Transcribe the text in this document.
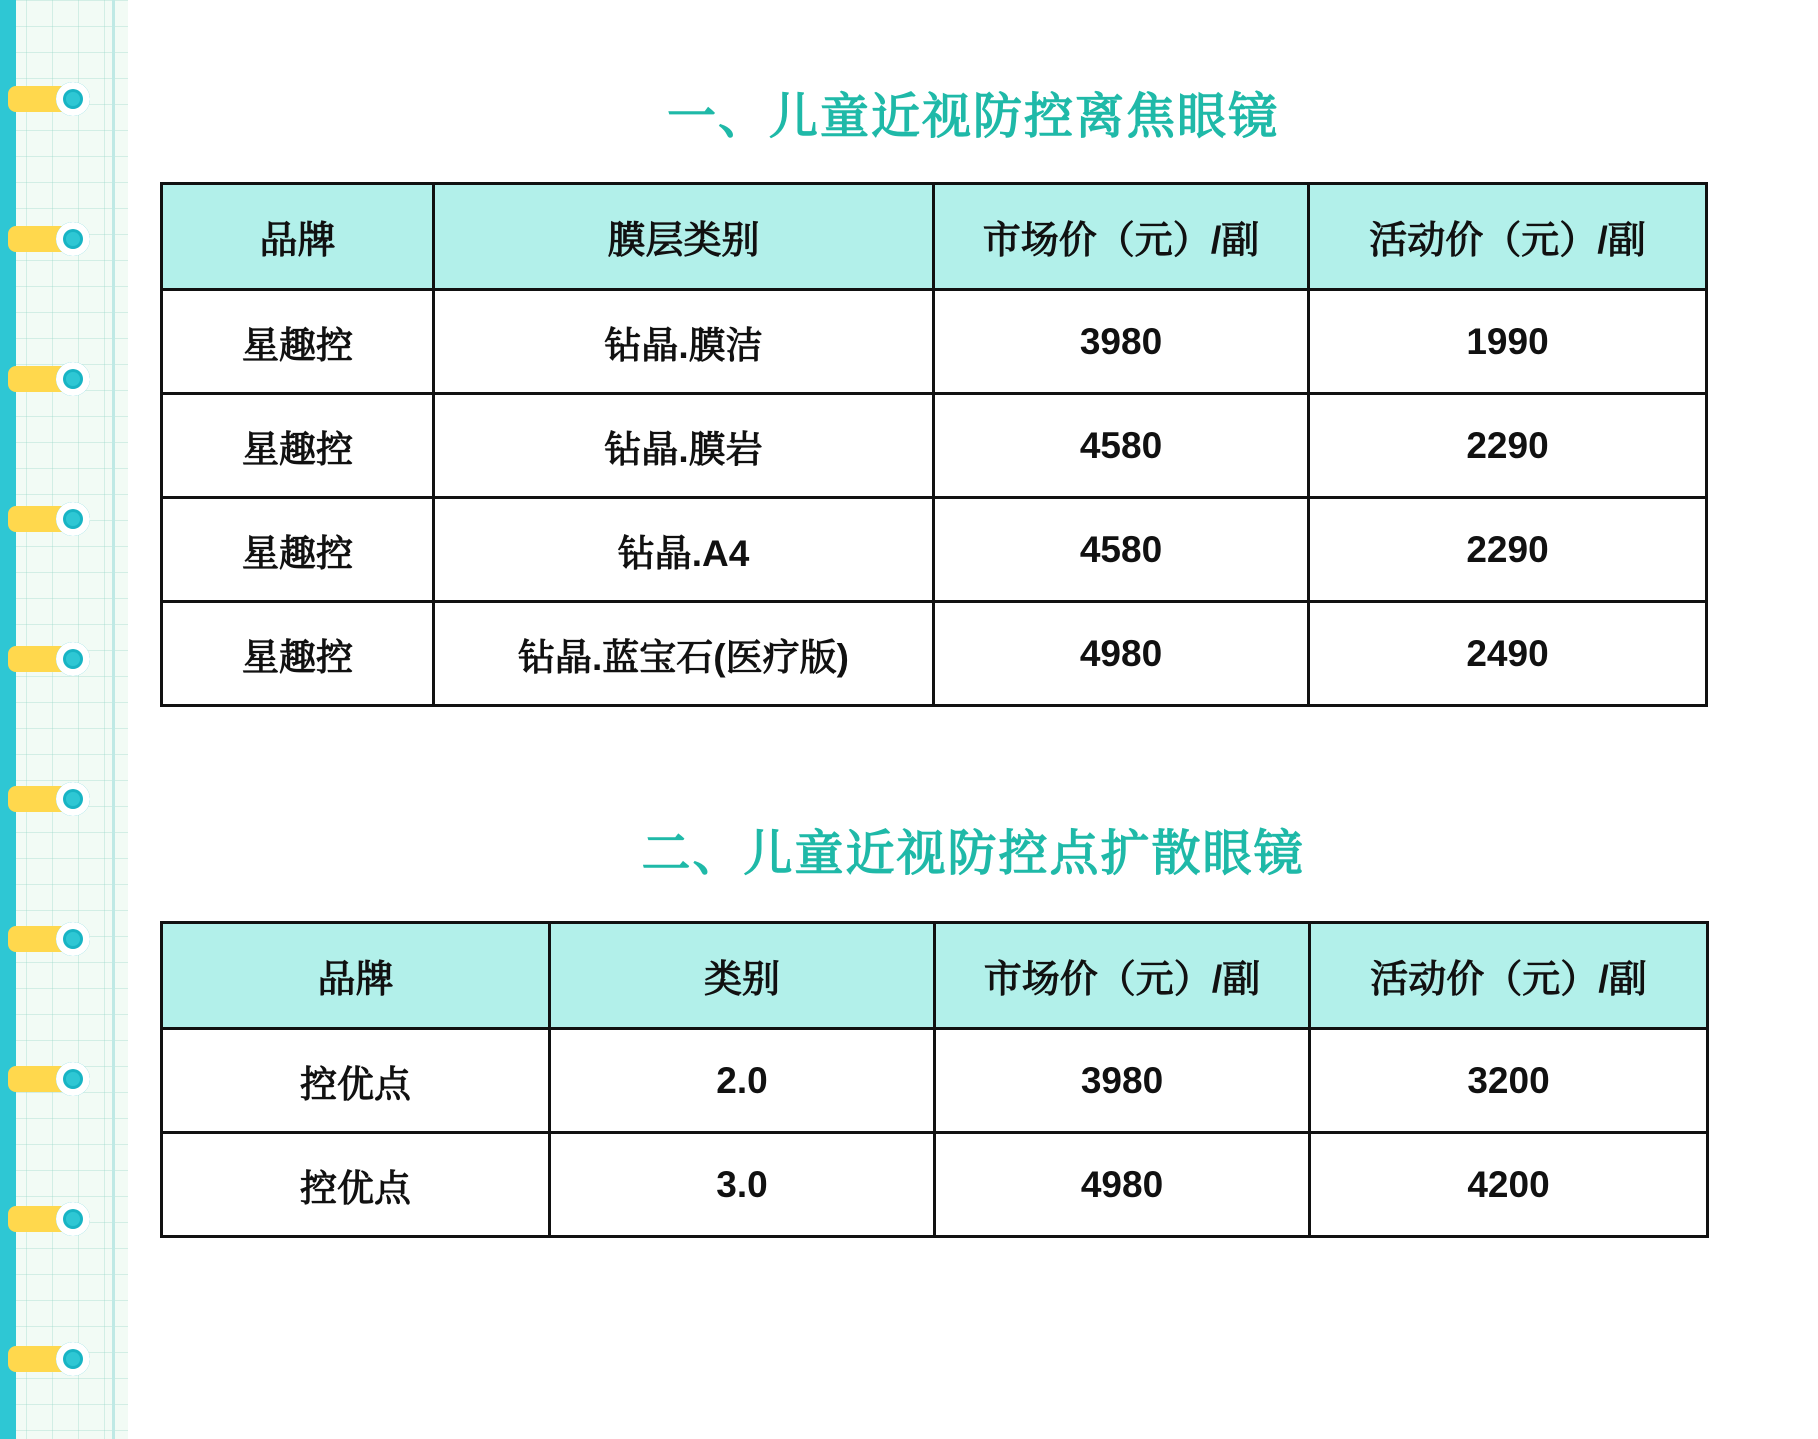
一、儿童近视防控离焦眼镜
品牌	膜层类别	市场价（元）/副	活动价（元）/副
星趣控	钻晶.膜洁	3980	1990
星趣控	钻晶.膜岩	4580	2290
星趣控	钻晶.A4	4580	2290
星趣控	钻晶.蓝宝石(医疗版)	4980	2490
二、儿童近视防控点扩散眼镜
品牌	类别	市场价（元）/副	活动价（元）/副
控优点	2.0	3980	3200
控优点	3.0	4980	4200
